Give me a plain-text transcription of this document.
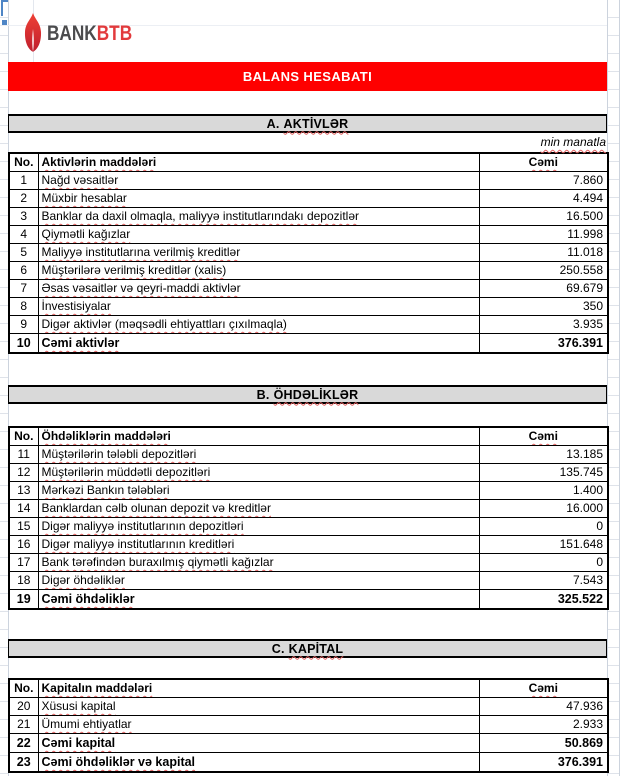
BANKBTB
BALANS HESABATI
A. AKTİVLƏR
min manatla
No.	Aktivlərin maddələri	Cəmi
1	Nağd vəsaitlər	7.860
2	Müxbir hesablar	4.494
3	Banklar da daxil olmaqla, maliyyə institutlarındakı depozitlər	16.500
4	Qiymətli kağızlar	11.998
5	Maliyyə institutlarına verilmiş kreditlər	11.018
6	Müştərilərə verilmiş kreditlər (xalis)	250.558
7	Əsas vəsaitlər və qeyri-maddi aktivlər	69.679
8	İnvestisiyalar	350
9	Digər aktivlər (məqsədli ehtiyattları çıxılmaqla)	3.935
10	Cəmi aktivlər	376.391
B. ÖHDƏLİKLƏR
No.	Öhdəliklərin maddələri	Cəmi
11	Müştərilərin tələbli depozitləri	13.185
12	Müştərilərin müddətli depozitləri	135.745
13	Mərkəzi Bankın tələbləri	1.400
14	Banklardan cəlb olunan depozit və kreditlər	16.000
15	Digər maliyyə institutlarının depozitləri	0
16	Digər maliyyə institutlarının kreditləri	151.648
17	Bank tərəfindən buraxılmış qiymətli kağızlar	0
18	Digər öhdəliklər	7.543
19	Cəmi öhdəliklər	325.522
C. KAPİTAL
No.	Kapitalın maddələri	Cəmi
20	Xüsusi kapital	47.936
21	Ümumi ehtiyatlar	2.933
22	Cəmi kapital	50.869
23	Cəmi öhdəliklər və kapital	376.391
